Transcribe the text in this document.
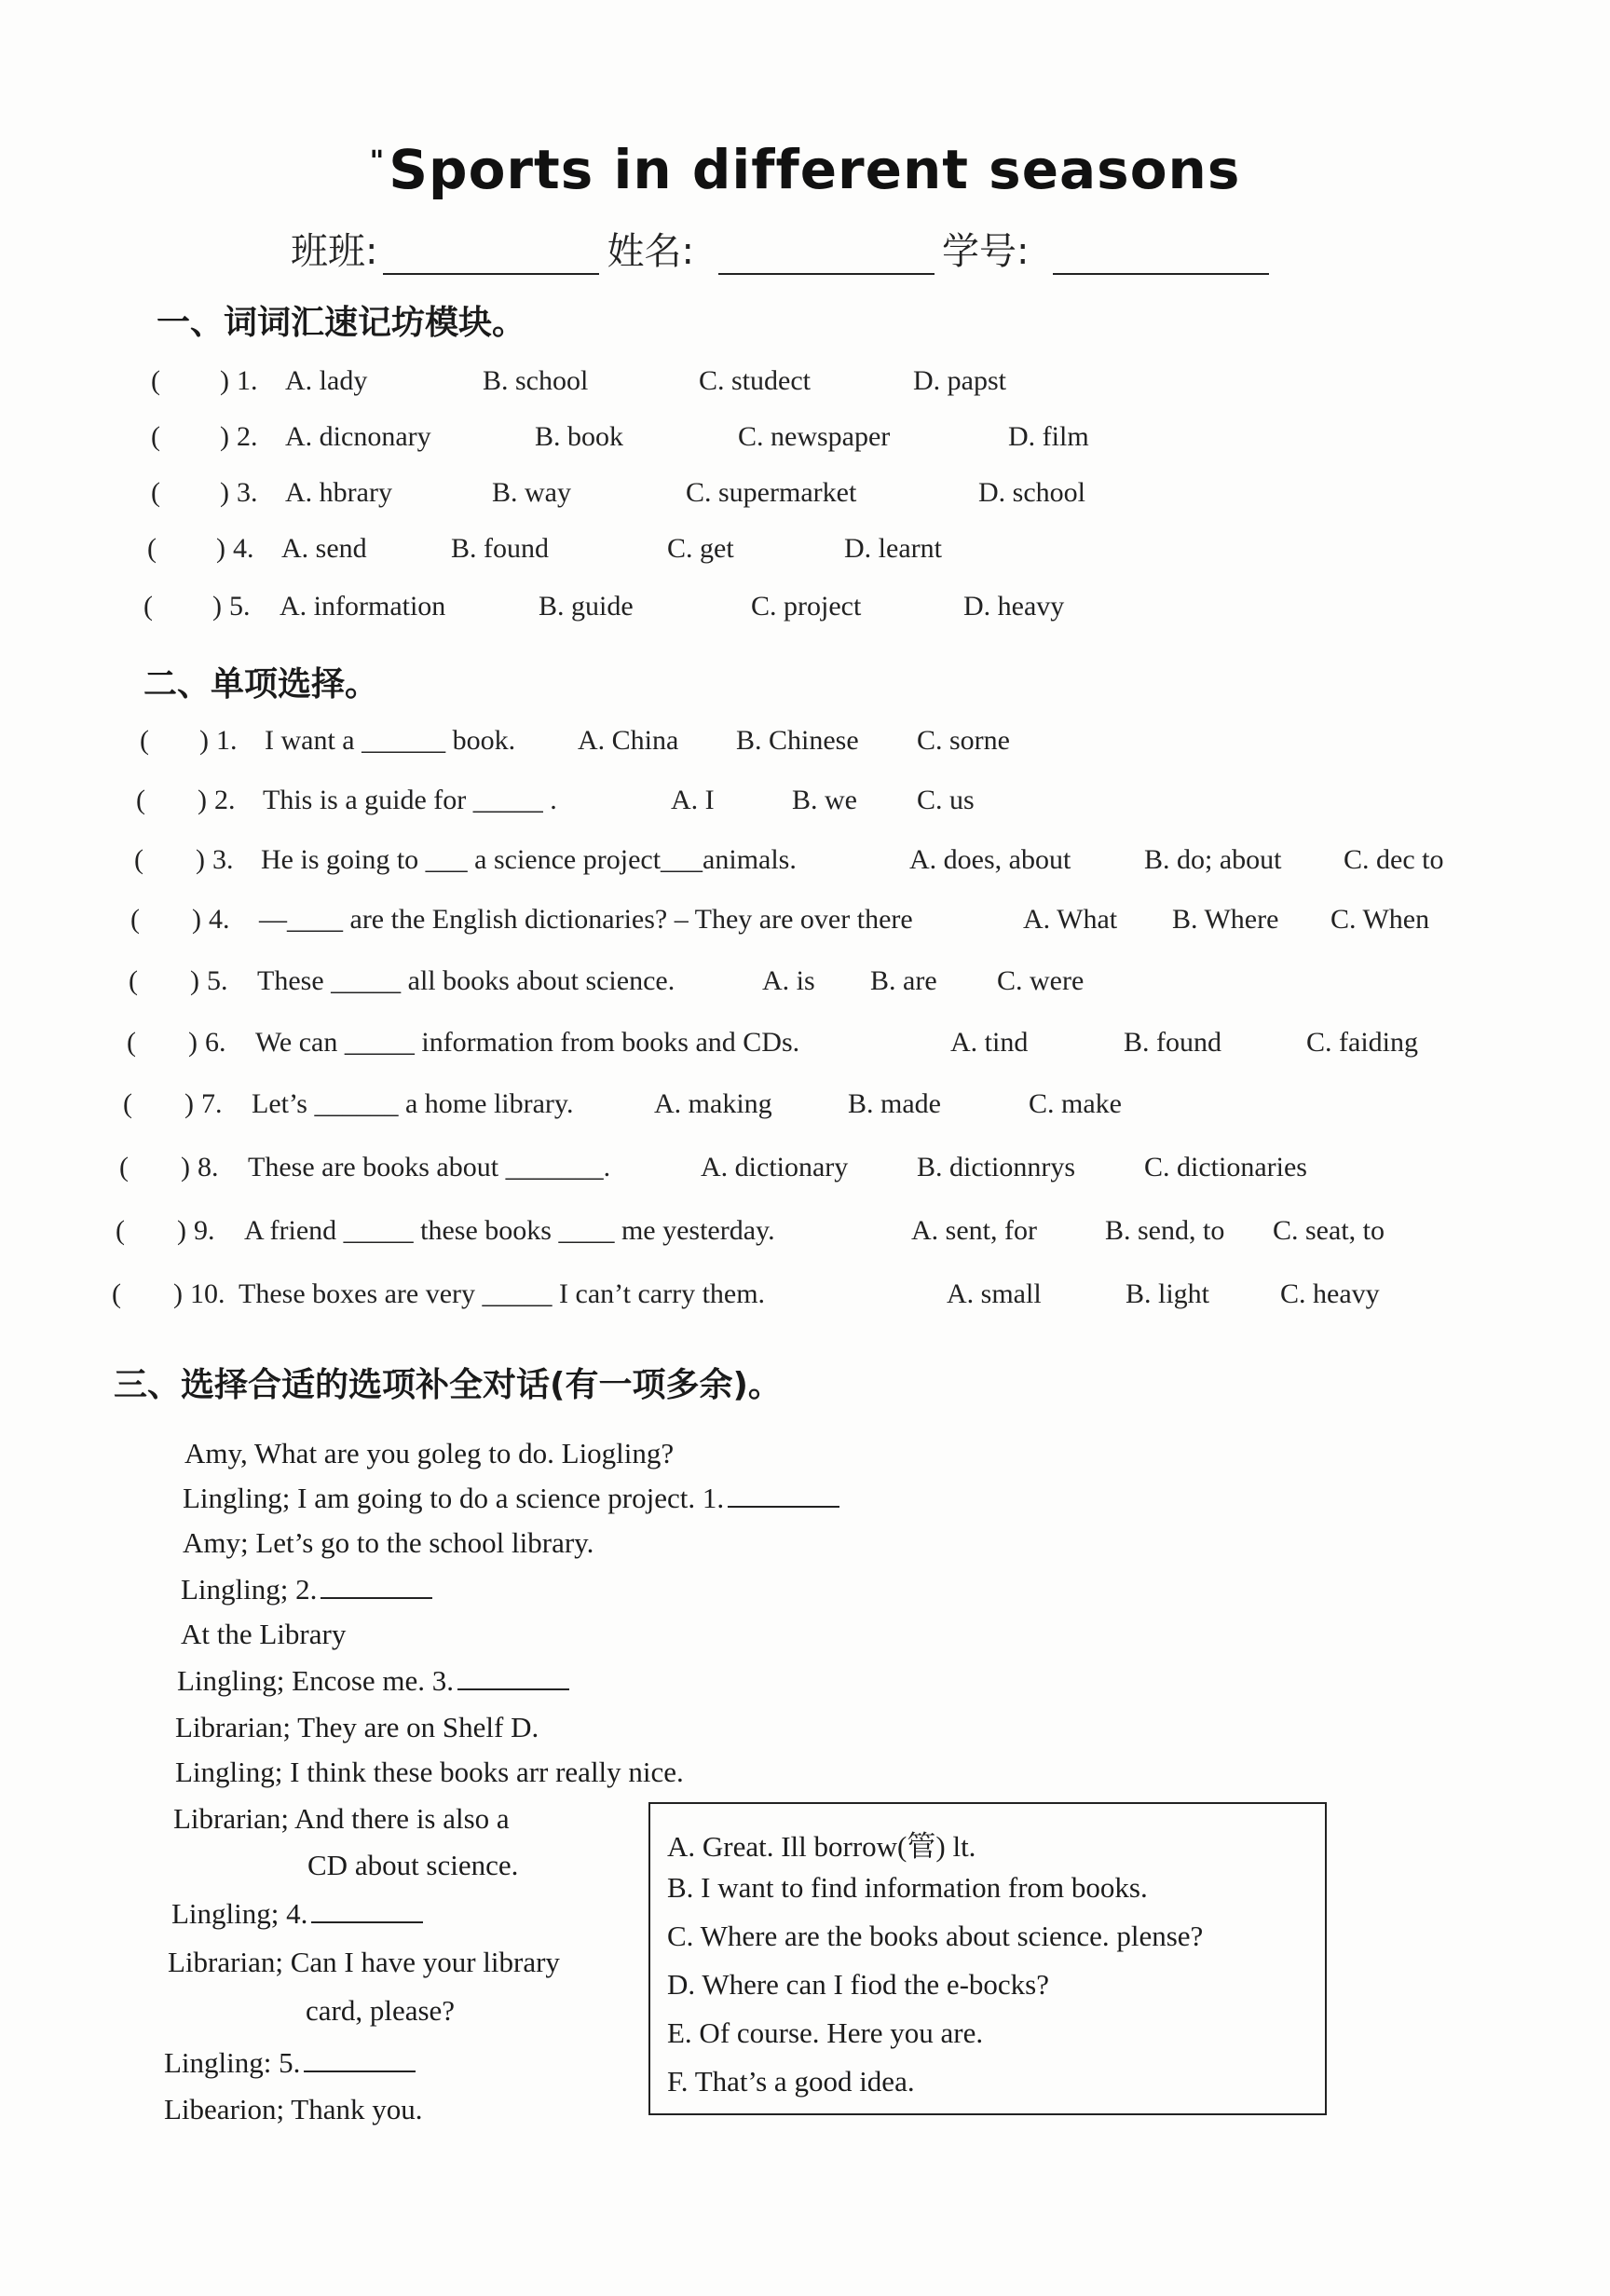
"Sports in different seasons
班班:	姓名:	学号:
一、词词汇速记坊模块。
( ) 1. A. lady	B. school	C. studect	D. papst
( ) 2. A. dicnonary	B. book	C. newspaper	D. film
( ) 3. A. hbrary	B. way	C. supermarket	D. school
( ) 4. A. send	B. found	C. get	D. learnt
( ) 5. A. information	B. guide	C. project	D. heavy
二、单项选择。
( ) 1. I want a ______ book. A. China B. Chinese C. sorne
( ) 2. This is a guide for _____ .	A. I	B. we C. us
( ) 3. He is going to ___ a science project___animals.	A. does, about	B. do; about C. dec to
( ) 4. —____ are the English dictionaries? – They are over there	A. What B. Where C. When
( ) 5. These _____ all books about science.	A. is B. are C. were
( ) 6. We can _____ information from books and CDs.	A. tind	B. found	C. faiding
( ) 7. Let’s ______ a home library.	A. making	B. made	C. make
( ) 8. These are books about _______.	A. dictionary B. dictionnrys C. dictionaries
( ) 9. A friend _____ these books ____ me yesterday.	A. sent, for B. send, to C. seat, to
( ) 10. These boxes are very _____ I can’t carry them.	A. small	B. light	C. heavy
三、选择合适的选项补全对话(有一项多余)。
Amy, What are you goleg to do. Liogling?
Lingling; I am going to do a science project. 1.
Amy; Let’s go to the school library.
Lingling; 2.
At the Library
Lingling; Encose me. 3.
Librarian; They are on Shelf D.
Lingling; I think these books arr really nice.
Librarian; And there is also a
CD about science.
Lingling; 4.
Librarian; Can I have your library
card, please?
Lingling: 5.
Libearion; Thank you.
A. Great. Ill borrow(管) lt.
B. I want to find information from books.
C. Where are the books about science. plense?
D. Where can I fiod the e-bocks?
E. Of course. Here you are.
F. That’s a good idea.
